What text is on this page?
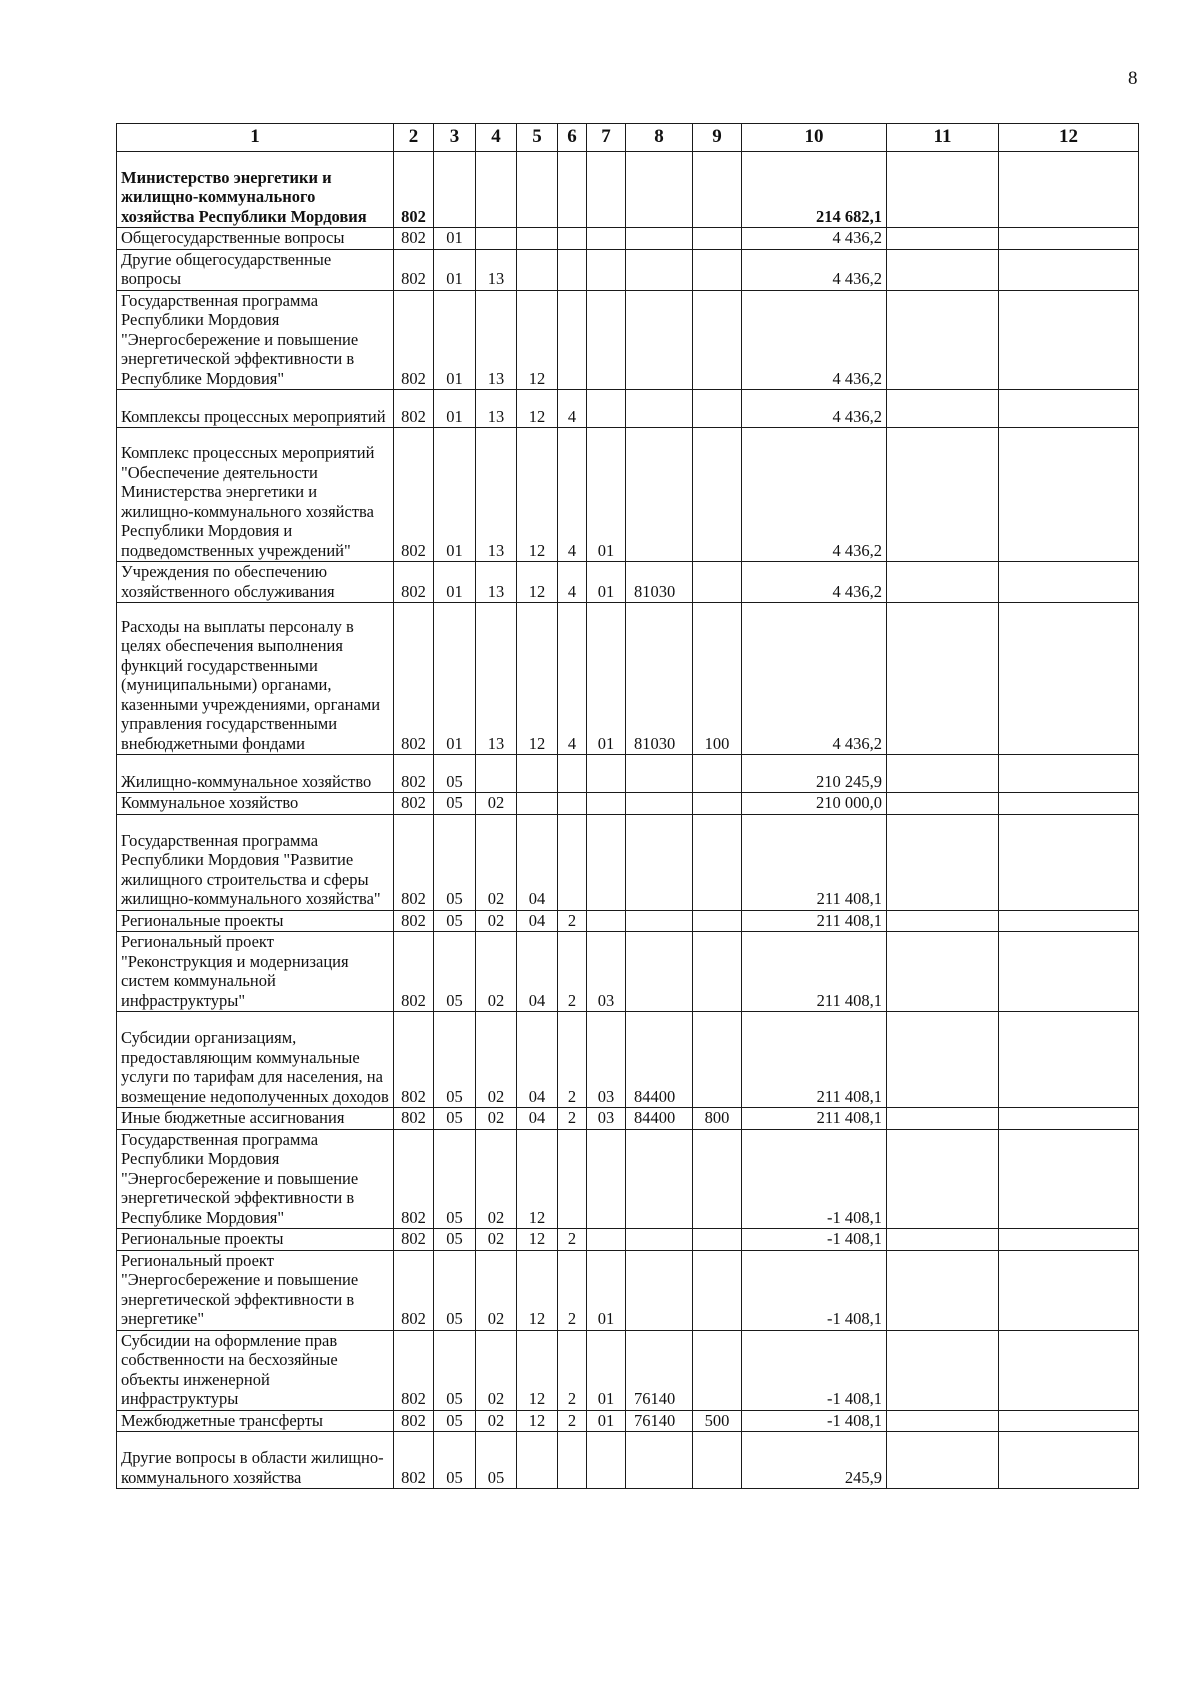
8
1	2	3	4	5	6	7	8	9	10	11	12
Министерство энергетики и жилищно-коммунального хозяйства Республики Мордовия	802								214 682,1		
Общегосударственные вопросы	802	01							4 436,2		
Другие общегосударственные вопросы	802	01	13						4 436,2		
Государственная программа Республики Мордовия "Энергосбережение и повышение энергетической эффективности в Республике Мордовия"	802	01	13	12					4 436,2		
Комплексы процессных мероприятий	802	01	13	12	4				4 436,2		
Комплекс процессных мероприятий "Обеспечение деятельности Министерства энергетики и жилищно-коммунального хозяйства Республики Мордовия и подведомственных учреждений"	802	01	13	12	4	01			4 436,2		
Учреждения по обеспечению хозяйственного обслуживания	802	01	13	12	4	01	81030		4 436,2		
Расходы на выплаты персоналу в целях обеспечения выполнения функций государственными (муниципальными) органами, казенными учреждениями, органами управления государственными внебюджетными фондами	802	01	13	12	4	01	81030	100	4 436,2		
Жилищно-коммунальное хозяйство	802	05							210 245,9		
Коммунальное хозяйство	802	05	02						210 000,0		
Государственная программа Республики Мордовия "Развитие жилищного строительства и сферы жилищно-коммунального хозяйства"	802	05	02	04					211 408,1		
Региональные проекты	802	05	02	04	2				211 408,1		
Региональный проект "Реконструкция и модернизация систем коммунальной инфраструктуры"	802	05	02	04	2	03			211 408,1		
Субсидии организациям, предоставляющим коммунальные услуги по тарифам для населения, на возмещение недополученных доходов	802	05	02	04	2	03	84400		211 408,1		
Иные бюджетные ассигнования	802	05	02	04	2	03	84400	800	211 408,1		
Государственная программа Республики Мордовия "Энергосбережение и повышение энергетической эффективности в Республике Мордовия"	802	05	02	12					-1 408,1		
Региональные проекты	802	05	02	12	2				-1 408,1		
Региональный проект "Энергосбережение и повышение энергетической эффективности в энергетике"	802	05	02	12	2	01			-1 408,1		
Субсидии на оформление прав собственности на бесхозяйные объекты инженерной инфраструктуры	802	05	02	12	2	01	76140		-1 408,1		
Межбюджетные трансферты	802	05	02	12	2	01	76140	500	-1 408,1		
Другие вопросы в области жилищно-коммунального хозяйства	802	05	05						245,9		
